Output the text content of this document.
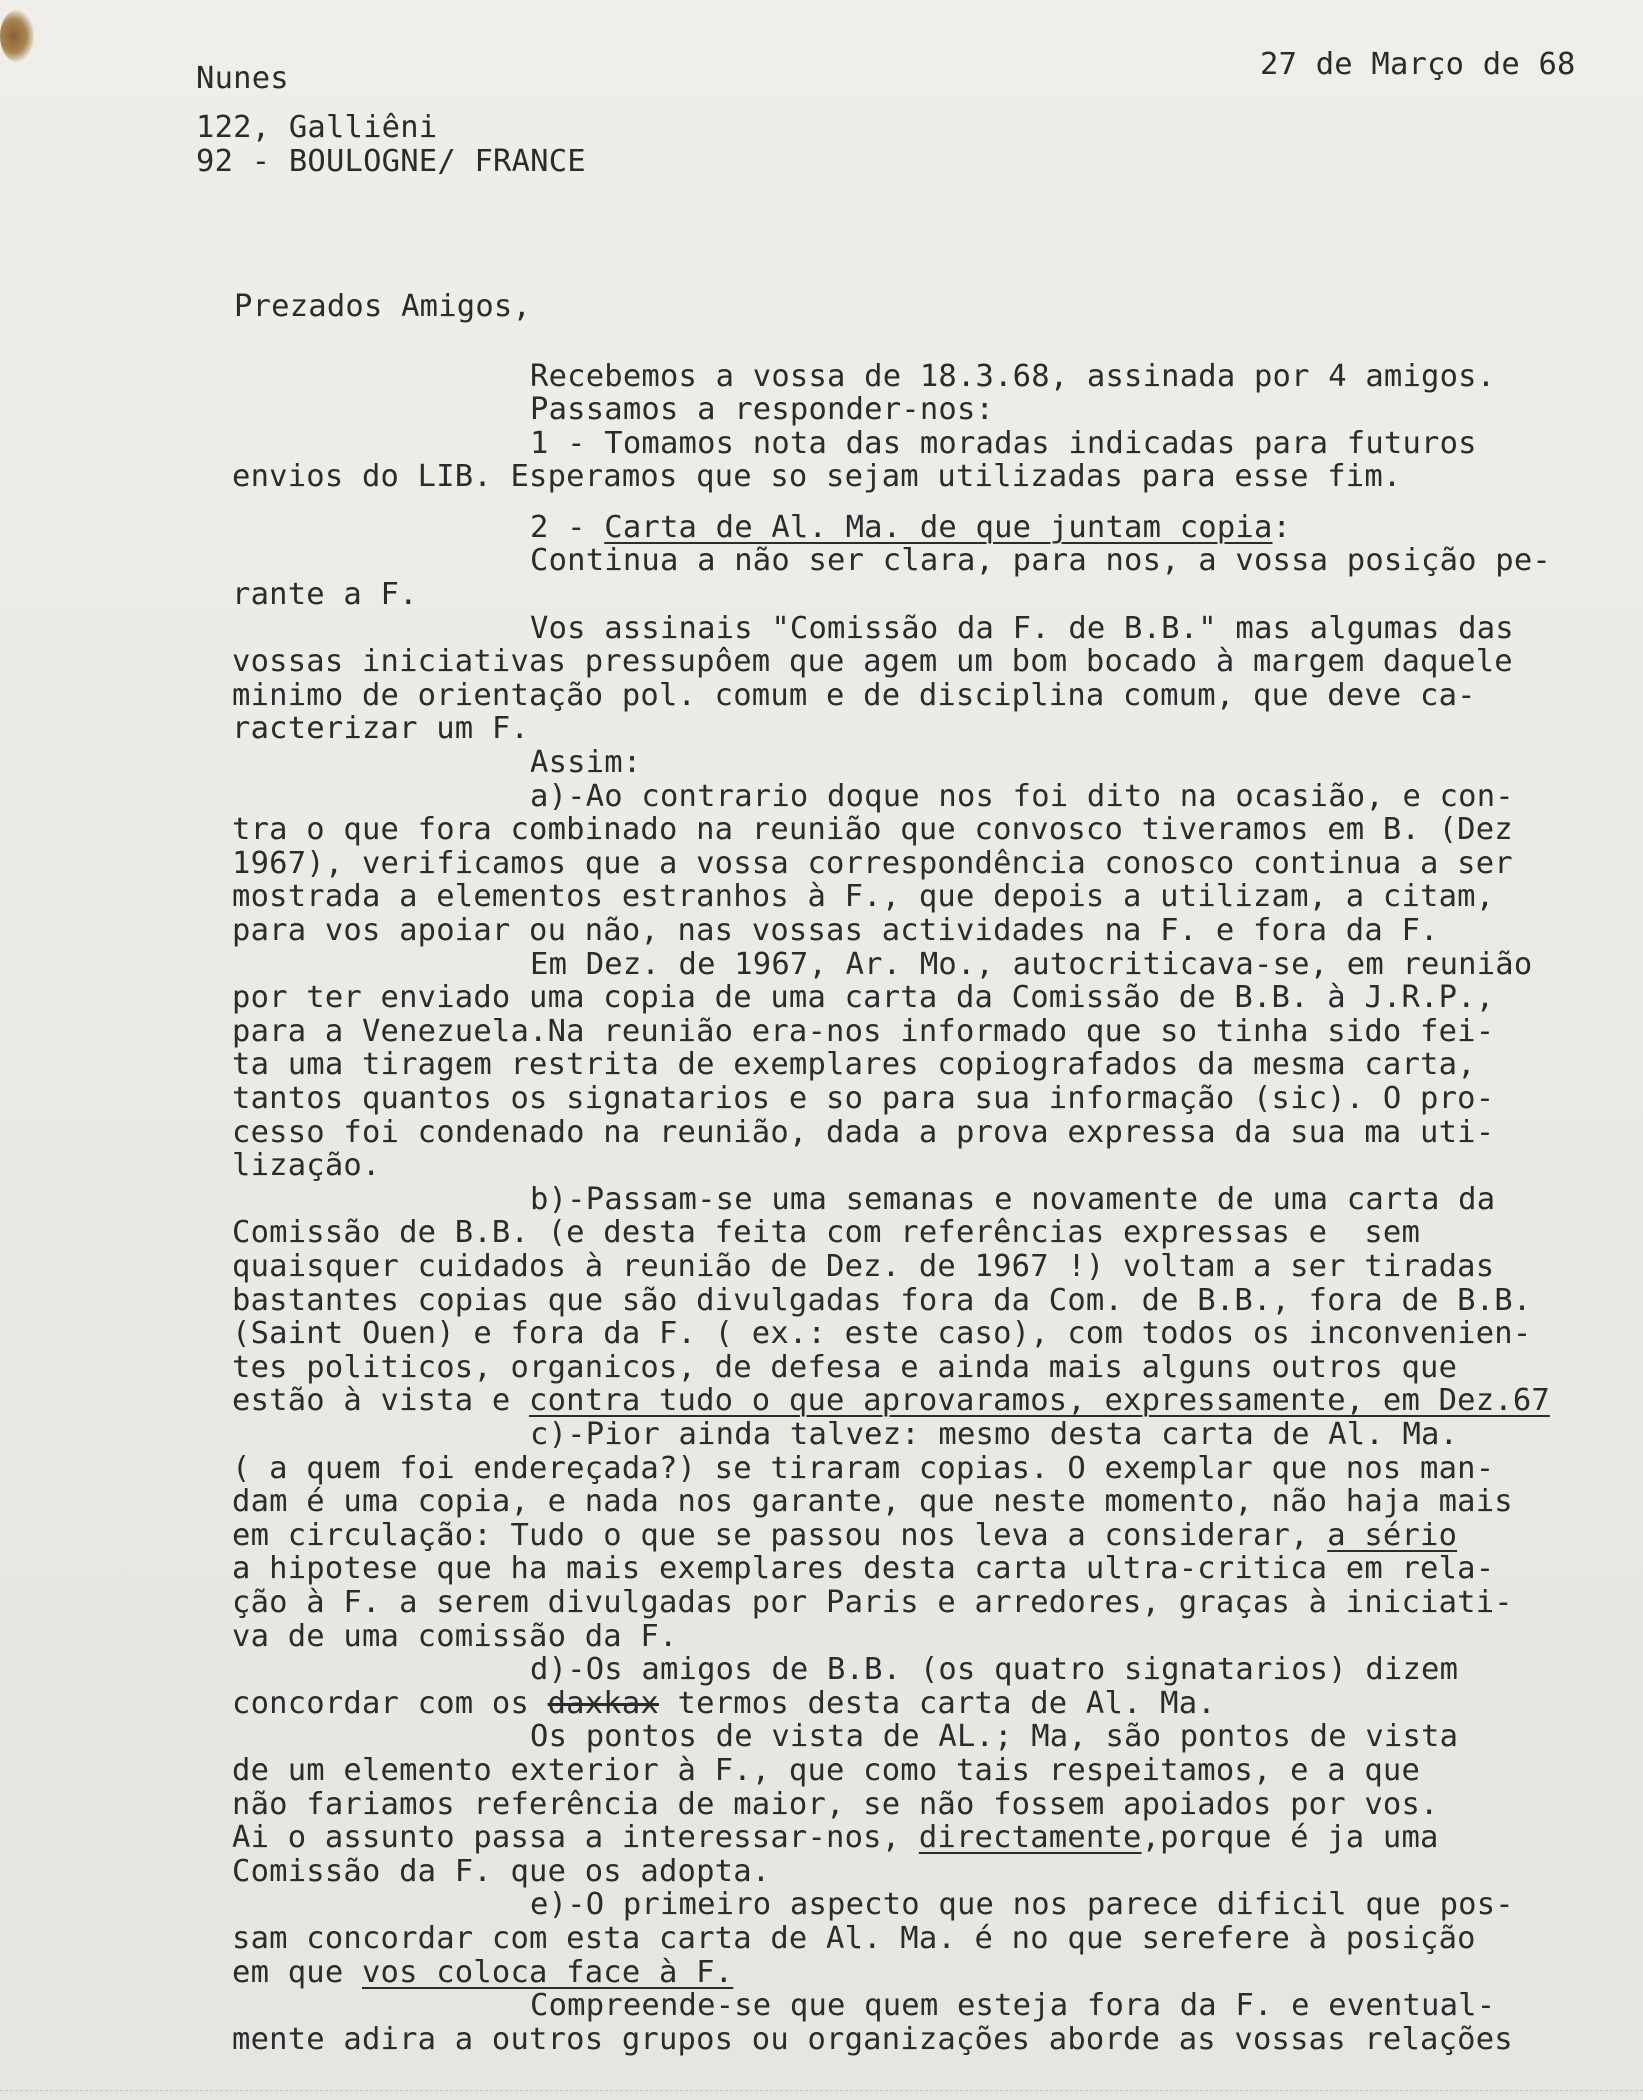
Nunes	27 de Março de 68
122, Galliêni
92 - BOULOGNE/ FRANCE
Prezados Amigos,
Recebemos a vossa de 18.3.68, assinada por 4 amigos.
Passamos a responder-nos:
1 - Tomamos nota das moradas indicadas para futuros
envios do LIB. Esperamos que so sejam utilizadas para esse fim.
2 - Carta de Al. Ma. de que juntam copia:
Continua a não ser clara, para nos, a vossa posição pe-
rante a F.
Vos assinais "Comissão da F. de B.B." mas algumas das
vossas iniciativas pressupôem que agem um bom bocado à margem daquele
minimo de orientação pol. comum e de disciplina comum, que deve ca-
racterizar um F.
Assim:
a)-Ao contrario doque nos foi dito na ocasião, e con-
tra o que fora combinado na reunião que convosco tiveramos em B. (Dez
1967), verificamos que a vossa correspondência conosco continua a ser
mostrada a elementos estranhos à F., que depois a utilizam, a citam,
para vos apoiar ou não, nas vossas actividades na F. e fora da F.
Em Dez. de 1967, Ar. Mo., autocriticava-se, em reunião
por ter enviado uma copia de uma carta da Comissão de B.B. à J.R.P.,
para a Venezuela.Na reunião era-nos informado que so tinha sido fei-
ta uma tiragem restrita de exemplares copiografados da mesma carta,
tantos quantos os signatarios e so para sua informação (sic). O pro-
cesso foi condenado na reunião, dada a prova expressa da sua ma uti-
lização.
b)-Passam-se uma semanas e novamente de uma carta da
Comissão de B.B. (e desta feita com referências expressas e  sem
quaisquer cuidados à reunião de Dez. de 1967 !) voltam a ser tiradas
bastantes copias que são divulgadas fora da Com. de B.B., fora de B.B.
(Saint Ouen) e fora da F. ( ex.: este caso), com todos os inconvenien-
tes politicos, organicos, de defesa e ainda mais alguns outros que
estão à vista e contra tudo o que aprovaramos, expressamente, em Dez.67
c)-Pior ainda talvez: mesmo desta carta de Al. Ma.
( a quem foi endereçada?) se tiraram copias. O exemplar que nos man-
dam é uma copia, e nada nos garante, que neste momento, não haja mais
em circulação: Tudo o que se passou nos leva a considerar, a sério
a hipotese que ha mais exemplares desta carta ultra-critica em rela-
ção à F. a serem divulgadas por Paris e arredores, graças à iniciati-
va de uma comissão da F.
d)-Os amigos de B.B. (os quatro signatarios) dizem
concordar com os daxkax termos desta carta de Al. Ma.
Os pontos de vista de AL.; Ma, são pontos de vista
de um elemento exterior à F., que como tais respeitamos, e a que
não fariamos referência de maior, se não fossem apoiados por vos.
Ai o assunto passa a interessar-nos, directamente,porque é ja uma
Comissão da F. que os adopta.
e)-O primeiro aspecto que nos parece dificil que pos-
sam concordar com esta carta de Al. Ma. é no que serefere à posição
em que vos coloca face à F.
Compreende-se que quem esteja fora da F. e eventual-
mente adira a outros grupos ou organizações aborde as vossas relações
